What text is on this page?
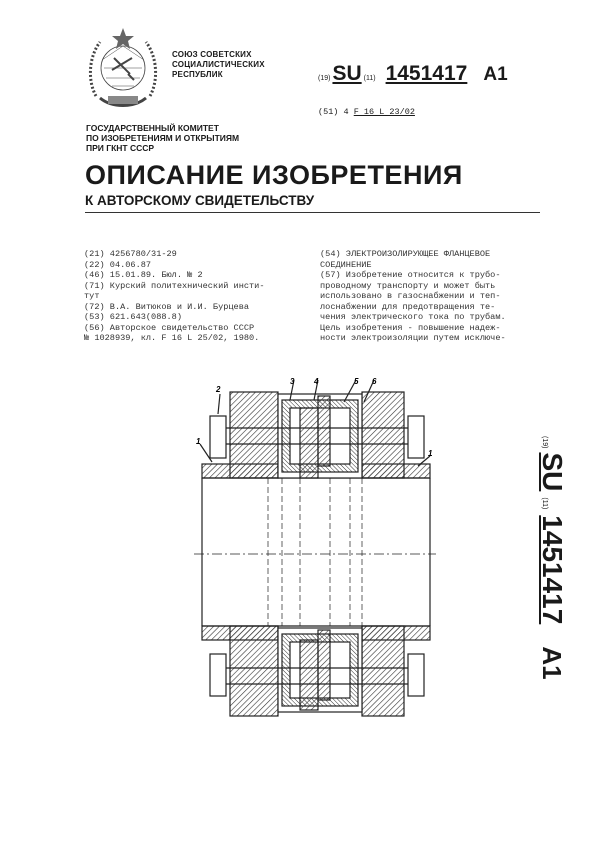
СОЮЗ СОВЕТСКИХ
СОЦИАЛИСТИЧЕСКИХ
РЕСПУБЛИК	(19) SU (11) 1451417 A1
(51) 4 F 16 L 23/02
ГОСУДАРСТВЕННЫЙ КОМИТЕТ
ПО ИЗОБРЕТЕНИЯМ И ОТКРЫТИЯМ
ПРИ ГКНТ СССР
ОПИСАНИЕ ИЗОБРЕТЕНИЯ
К АВТОРСКОМУ СВИДЕТЕЛЬСТВУ
(21) 4256780/31-29
(22) 04.06.87
(46) 15.01.89. Бюл. № 2
(71) Курский политехнический инсти-
тут
(72) В.А. Витюков и И.И. Бурцева
(53) 621.643(088.8)
(56) Авторское свидетельство СССР
№ 1028939, кл. F 16 L 25/02, 1980.
(54) ЭЛЕКТРОИЗОЛИРУЮЩЕЕ ФЛАНЦЕВОЕ
СОЕДИНЕНИЕ
(57) Изобретение относится к трубо-
проводному транспорту и может быть
использовано в газоснабжении и теп-
лоснабжении для предотвращения те-
чения электрического тока по трубам.
Цель изобретения - повышение надеж-
ности электроизоляции путем исключе-
(19)
SU
(11)
1451417
A1
1
2
3 4	5 6
1
